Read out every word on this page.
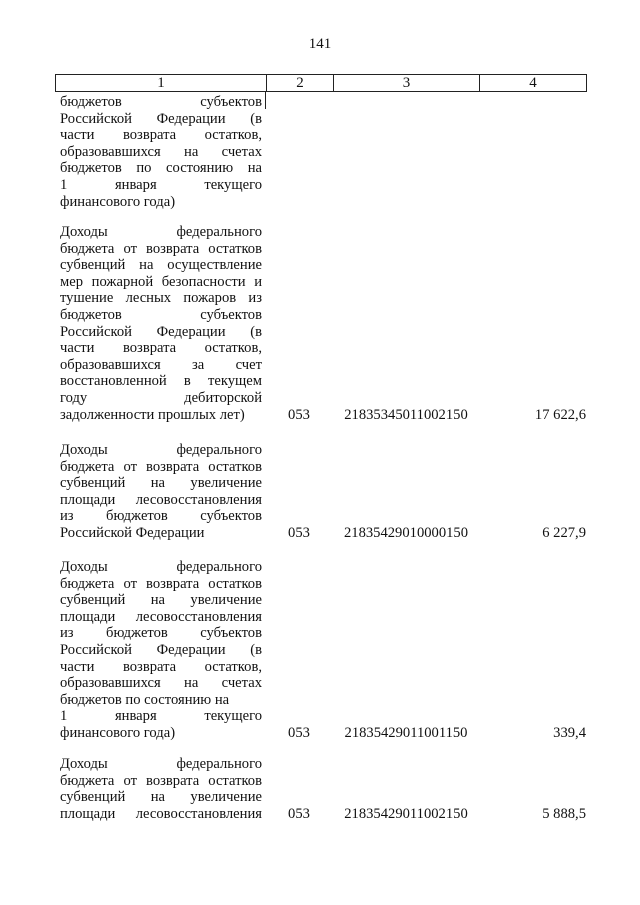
141
1	2	3	4
бюджетов субъектов
Российской Федерации (в
части возврата остатков,
образовавшихся на счетах
бюджетов по состоянию на
1 января текущего
финансового года)
Доходы федерального
бюджета от возврата остатков
субвенций на осуществление
мер пожарной безопасности и
тушение лесных пожаров из
бюджетов субъектов
Российской Федерации (в
части возврата остатков,
образовавшихся за счет
восстановленной в текущем
году дебиторской
задолженности прошлых лет)	053	21835345011002150	17 622,6
Доходы федерального
бюджета от возврата остатков
субвенций на увеличение
площади лесовосстановления
из бюджетов субъектов
Российской Федерации	053	21835429010000150	6 227,9
Доходы федерального
бюджета от возврата остатков
субвенций на увеличение
площади лесовосстановления
из бюджетов субъектов
Российской Федерации (в
части возврата остатков,
образовавшихся на счетах
бюджетов по состоянию на
1 января текущего
финансового года)	053	21835429011001150	339,4
Доходы федерального
бюджета от возврата остатков
субвенций на увеличение
площади лесовосстановления	053	21835429011002150	5 888,5
